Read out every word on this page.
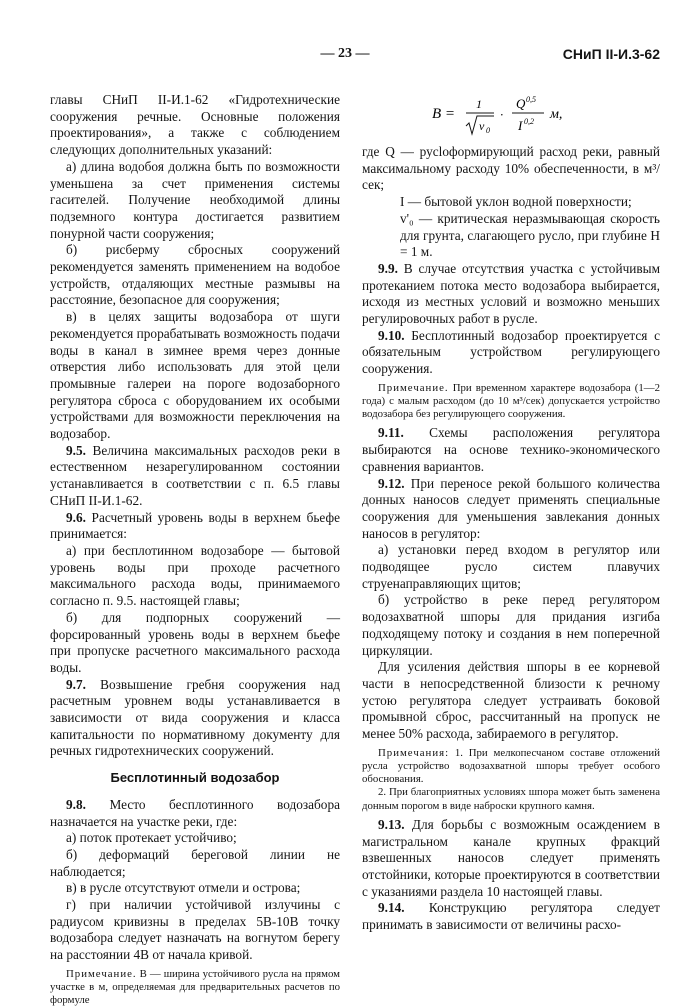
— 23 —	СНиП II-И.3-62

главы СНиП II-И.1-62 «Гидротехнические сооружения речные. Основные положения проектирования», а также с соблюдением следующих дополнительных указаний:

а) длина водобоя должна быть по возможности уменьшена за счет применения системы гасителей. Получение необходимой длины подземного контура достигается развитием понурной части сооружения;

б) рисберму сбросных сооружений рекомендуется заменять применением на водобое устройств, отдаляющих местные размывы на расстояние, безопасное для сооружения;

в) в целях защиты водозабора от шуги рекомендуется прорабатывать возможность подачи воды в канал в зимнее время через донные отверстия либо использовать для этой цели промывные галереи на пороге водозаборного регулятора сброса с оборудованием их особыми устройствами для возможности переключения на водозабор.

9.5. Величина максимальных расходов реки в естественном незарегулированном состоянии устанавливается в соответствии с п. 6.5 главы СНиП II-И.1-62.

9.6. Расчетный уровень воды в верхнем бьефе принимается:

а) при бесплотинном водозаборе — бытовой уровень воды при проходе расчетного максимального расхода воды, принимаемого согласно п. 9.5. настоящей главы;

б) для подпорных сооружений — форсированный уровень воды в верхнем бьефе при пропуске расчетного максимального расхода воды.

9.7. Возвышение гребня сооружения над расчетным уровнем воды устанавливается в зависимости от вида сооружения и класса капитальности по нормативному документу для речных гидротехнических сооружений.

Бесплотинный водозабор

9.8. Место бесплотинного водозабора назначается на участке реки, где:

а) поток протекает устойчиво;

б) деформаций береговой линии не наблюдается;

в) в русле отсутствуют отмели и острова;

г) при наличии устойчивой излучины с радиусом кривизны в пределах 5B-10B точку водозабора следует назначать на вогнутом берегу на расстоянии 4B от начала кривой.

Примечание. В — ширина устойчивого русла на прямом участке в м, определяемая для предварительных расчетов по формуле

B =
1
v 0
·
Q 0,5
I 0,2 м,

где Q — русloформирующий расход реки, равный максимальному расходу 10% обеспеченности, в м³/сек;

I — бытовой уклон водной поверхности;

v'₀ — критическая неразмывающая скорость для грунта, слагающего русло, при глубине H = 1 м.

9.9. В случае отсутствия участка с устойчивым протеканием потока место водозабора выбирается, исходя из местных условий и возможно меньших регулировочных работ в русле.

9.10. Бесплотинный водозабор проектируется с обязательным устройством регулирующего сооружения.

Примечание. При временном характере водозабора (1—2 года) с малым расходом (до 10 м³/сек) допускается устройство водозабора без регулирующего сооружения.

9.11. Схемы расположения регулятора выбираются на основе технико-экономического сравнения вариантов.

9.12. При переносе рекой большого количества донных наносов следует применять специальные сооружения для уменьшения завлекания донных наносов в регулятор:

а) установки перед входом в регулятор или подводящее русло систем плавучих струенаправляющих щитов;

б) устройство в реке перед регулятором водозахватной шпоры для придания изгиба подходящему потоку и создания в нем поперечной циркуляции.

Для усиления действия шпоры в ее корневой части в непосредственной близости к речному устою регулятора следует устраивать боковой промывной сброс, рассчитанный на пропуск не менее 50% расхода, забираемого в регулятор.

Примечания: 1. При мелкопесчаном составе отложений русла устройство водозахватной шпоры требует особого обоснования.

2. При благоприятных условиях шпора может быть заменена донным порогом в виде наброски крупного камня.

9.13. Для борьбы с возможным осаждением в магистральном канале крупных фракций взвешенных наносов следует применять отстойники, которые проектируются в соответствии с указаниями раздела 10 настоящей главы.

9.14. Конструкцию регулятора следует принимать в зависимости от величины расхо-
